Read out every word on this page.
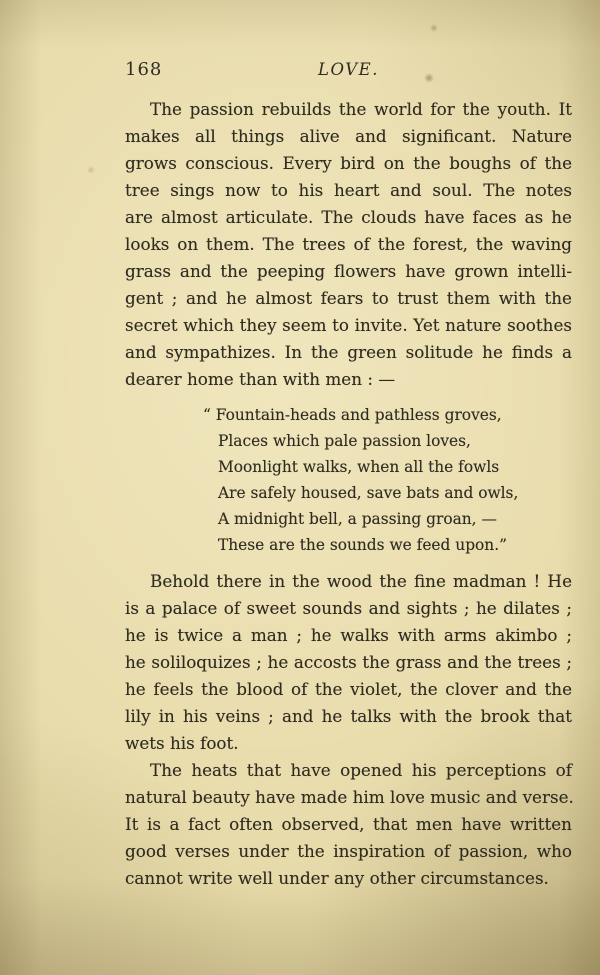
168	LOVE.
The passion rebuilds the world for the youth. It
makes all things alive and significant. Nature
grows conscious. Every bird on the boughs of the
tree sings now to his heart and soul. The notes
are almost articulate. The clouds have faces as he
looks on them. The trees of the forest, the waving
grass and the peeping flowers have grown intelli-
gent ; and he almost fears to trust them with the
secret which they seem to invite. Yet nature soothes
and sympathizes. In the green solitude he finds a
dearer home than with men : —
“ Fountain-heads and pathless groves,
Places which pale passion loves,
Moonlight walks, when all the fowls
Are safely housed, save bats and owls,
A midnight bell, a passing groan, —
These are the sounds we feed upon.”
Behold there in the wood the fine madman ! He
is a palace of sweet sounds and sights ; he dilates ;
he is twice a man ; he walks with arms akimbo ;
he soliloquizes ; he accosts the grass and the trees ;
he feels the blood of the violet, the clover and the
lily in his veins ; and he talks with the brook that
wets his foot.
The heats that have opened his perceptions of
natural beauty have made him love music and verse.
It is a fact often observed, that men have written
good verses under the inspiration of passion, who
cannot write well under any other circumstances.
